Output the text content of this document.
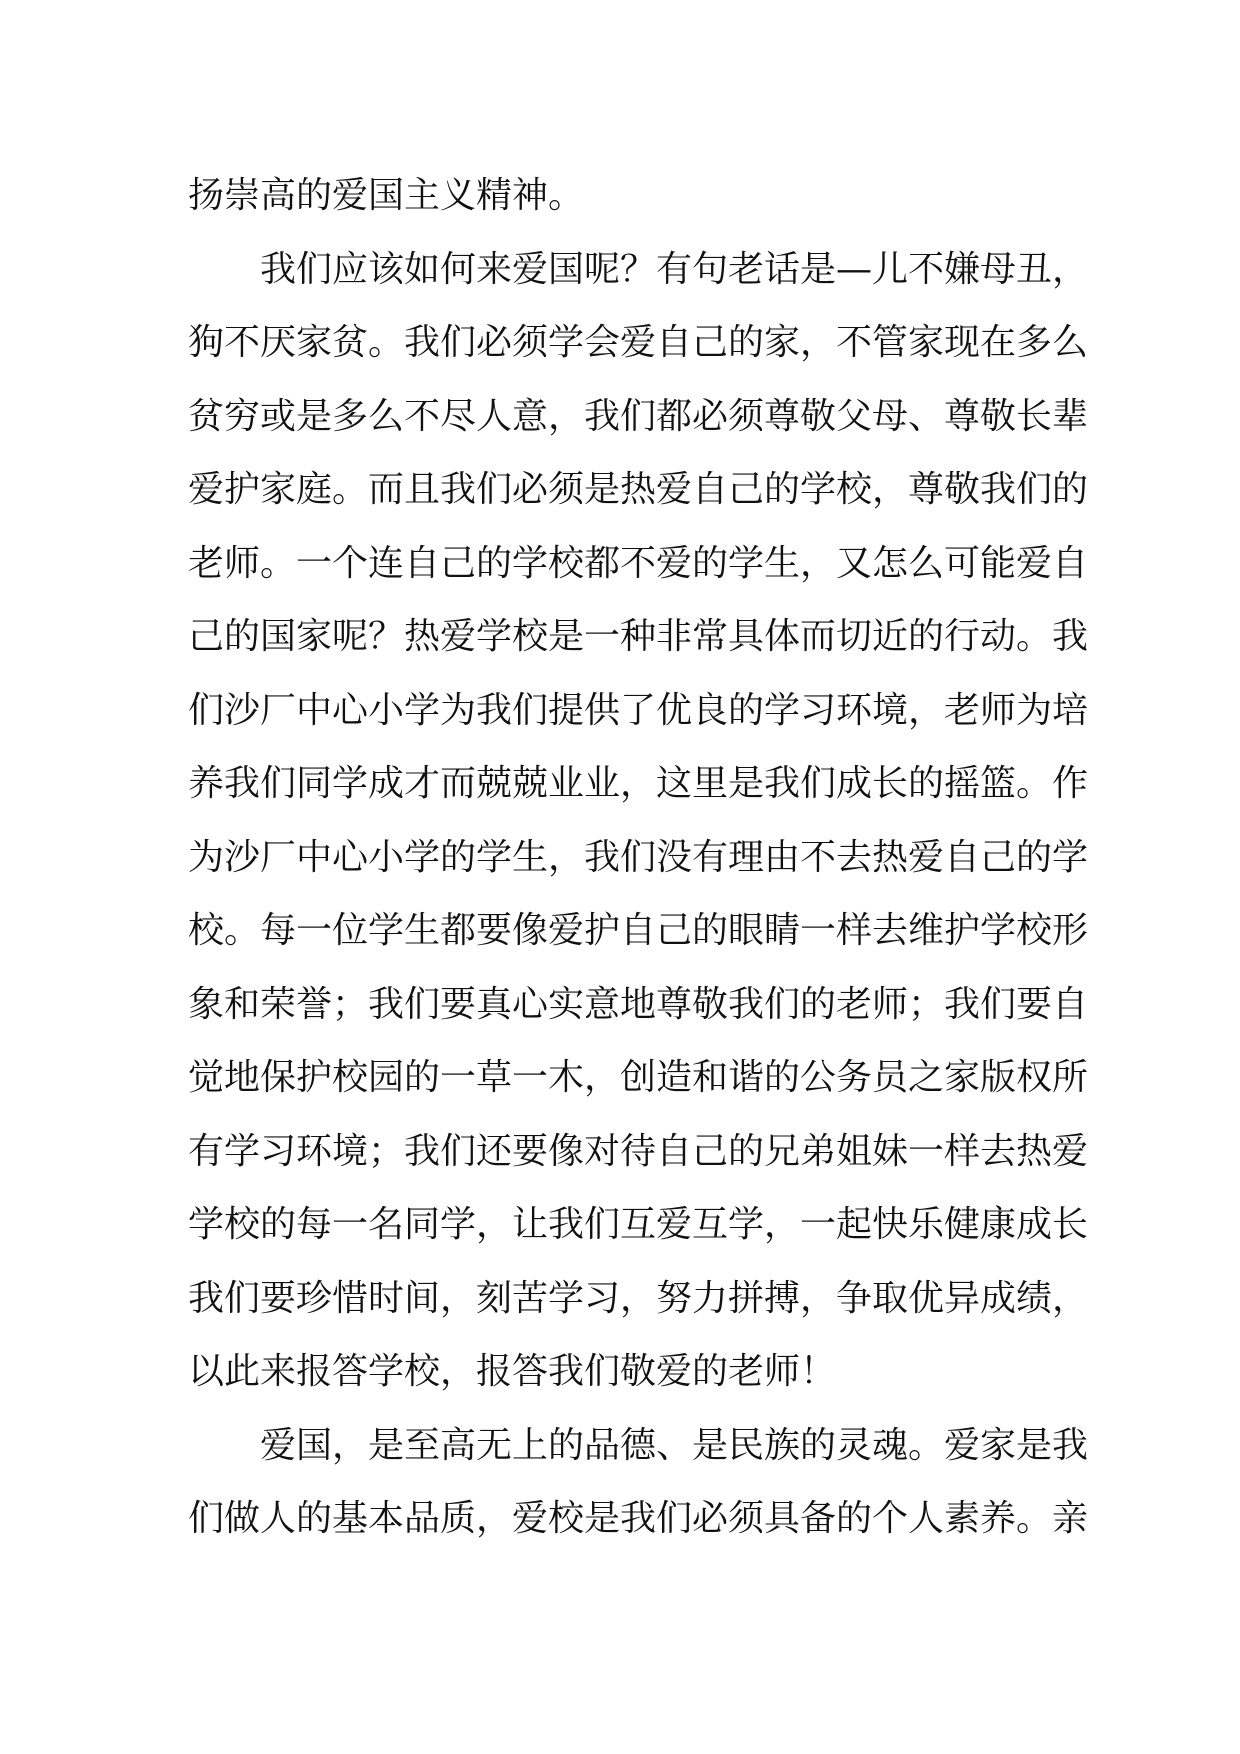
扬崇高的爱国主义精神。
我们应该如何来爱国呢？有句老话是—儿不嫌母丑，
狗不厌家贫。我们必须学会爱自己的家，不管家现在多么
贫穷或是多么不尽人意，我们都必须尊敬父母、尊敬长辈
爱护家庭。而且我们必须是热爱自己的学校，尊敬我们的
老师。一个连自己的学校都不爱的学生，又怎么可能爱自
己的国家呢？热爱学校是一种非常具体而切近的行动。我
们沙厂中心小学为我们提供了优良的学习环境，老师为培
养我们同学成才而兢兢业业，这里是我们成长的摇篮。作
为沙厂中心小学的学生，我们没有理由不去热爱自己的学
校。每一位学生都要像爱护自己的眼睛一样去维护学校形
象和荣誉；我们要真心实意地尊敬我们的老师；我们要自
觉地保护校园的一草一木，创造和谐的公务员之家版权所
有学习环境；我们还要像对待自己的兄弟姐妹一样去热爱
学校的每一名同学，让我们互爱互学，一起快乐健康成长
我们要珍惜时间，刻苦学习，努力拼搏，争取优异成绩，
以此来报答学校，报答我们敬爱的老师！
爱国，是至高无上的品德、是民族的灵魂。爱家是我
们做人的基本品质，爱校是我们必须具备的个人素养。亲
